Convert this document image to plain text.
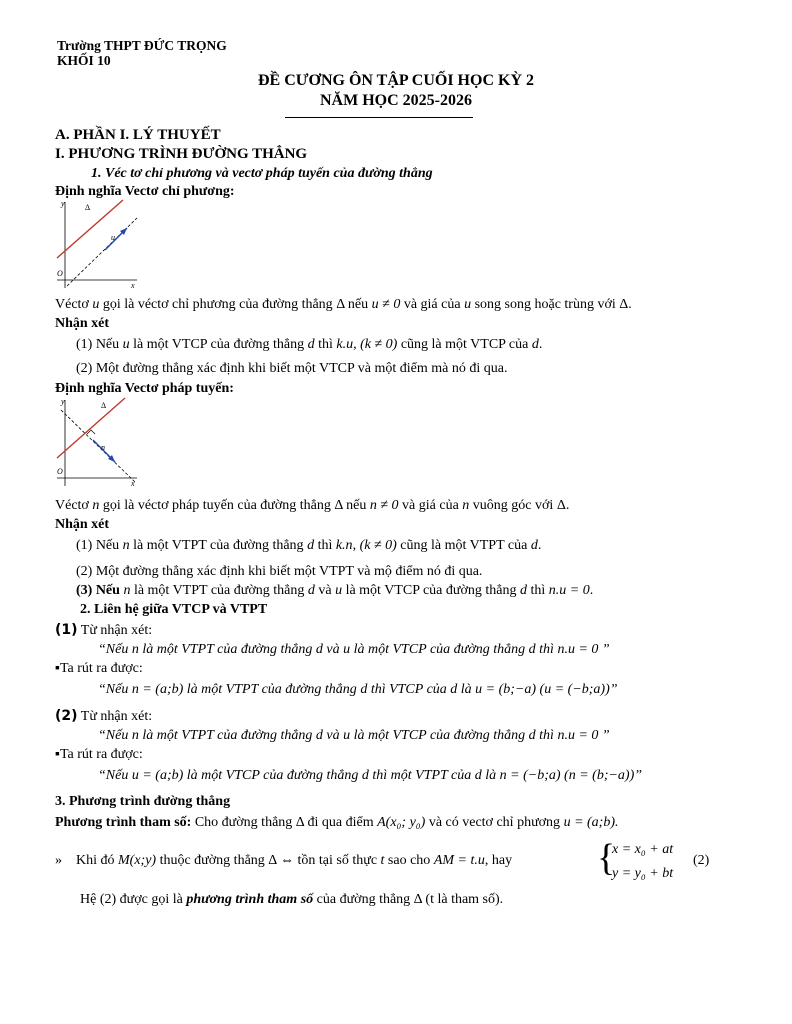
Trường THPT ĐỨC TRỌNG
KHỐI 10
ĐỀ CƯƠNG ÔN TẬP CUỐI HỌC KỲ 2
NĂM HỌC 2025-2026
A. PHẦN I. LÝ THUYẾT
I. PHƯƠNG TRÌNH ĐƯỜNG THẲNG
1. Véc tơ chỉ phương và vectơ pháp tuyến của đường thẳng
Định nghĩa Vectơ chỉ phương:
y
x
O
Δ
u
Véctơ u gọi là véctơ chỉ phương của đường thẳng Δ nếu u ≠ 0 và giá của u song song hoặc trùng với Δ.
Nhận xét
(1) Nếu u là một VTCP của đường thẳng d thì k.u, (k ≠ 0) cũng là một VTCP của d.
(2) Một đường thẳng xác định khi biết một VTCP và một điểm mà nó đi qua.
Định nghĩa Vectơ pháp tuyến:
y
x
O
Δ
n
Véctơ n gọi là véctơ pháp tuyến của đường thẳng Δ nếu n ≠ 0 và giá của n vuông góc với Δ.
Nhận xét
(1) Nếu n là một VTPT của đường thẳng d thì k.n, (k ≠ 0) cũng là một VTPT của d.
(2) Một đường thẳng xác định khi biết một VTPT và mộ điểm nó đi qua.
(3) Nếu n là một VTPT của đường thẳng d và u là một VTCP của đường thẳng d thì n.u = 0.
2. Liên hệ giữa VTCP và VTPT
(1) Từ nhận xét:
“Nếu n là một VTPT của đường thẳng d và u là một VTCP của đường thẳng d thì n.u = 0 ”
▪Ta rút ra được:
“Nếu n = (a;b) là một VTPT của đường thẳng d thì VTCP của d là u = (b;−a) (u = (−b;a))”
(2) Từ nhận xét:
“Nếu n là một VTPT của đường thẳng d và u là một VTCP của đường thẳng d thì n.u = 0 ”
▪Ta rút ra được:
“Nếu u = (a;b) là một VTCP của đường thẳng d thì một VTPT của d là n = (−b;a) (n = (b;−a))”
3. Phương trình đường thẳng
Phương trình tham số: Cho đường thẳng Δ đi qua điểm A(x₀; y₀) và có vectơ chỉ phương u = (a;b).
» Khi đó M(x;y) thuộc đường thẳng Δ ⇔ tồn tại số thực t sao cho AM = t.u, hay {
x = x₀ + at
y = y₀ + bt
(2)
Hệ (2) được gọi là phương trình tham số của đường thẳng Δ (t là tham số).
